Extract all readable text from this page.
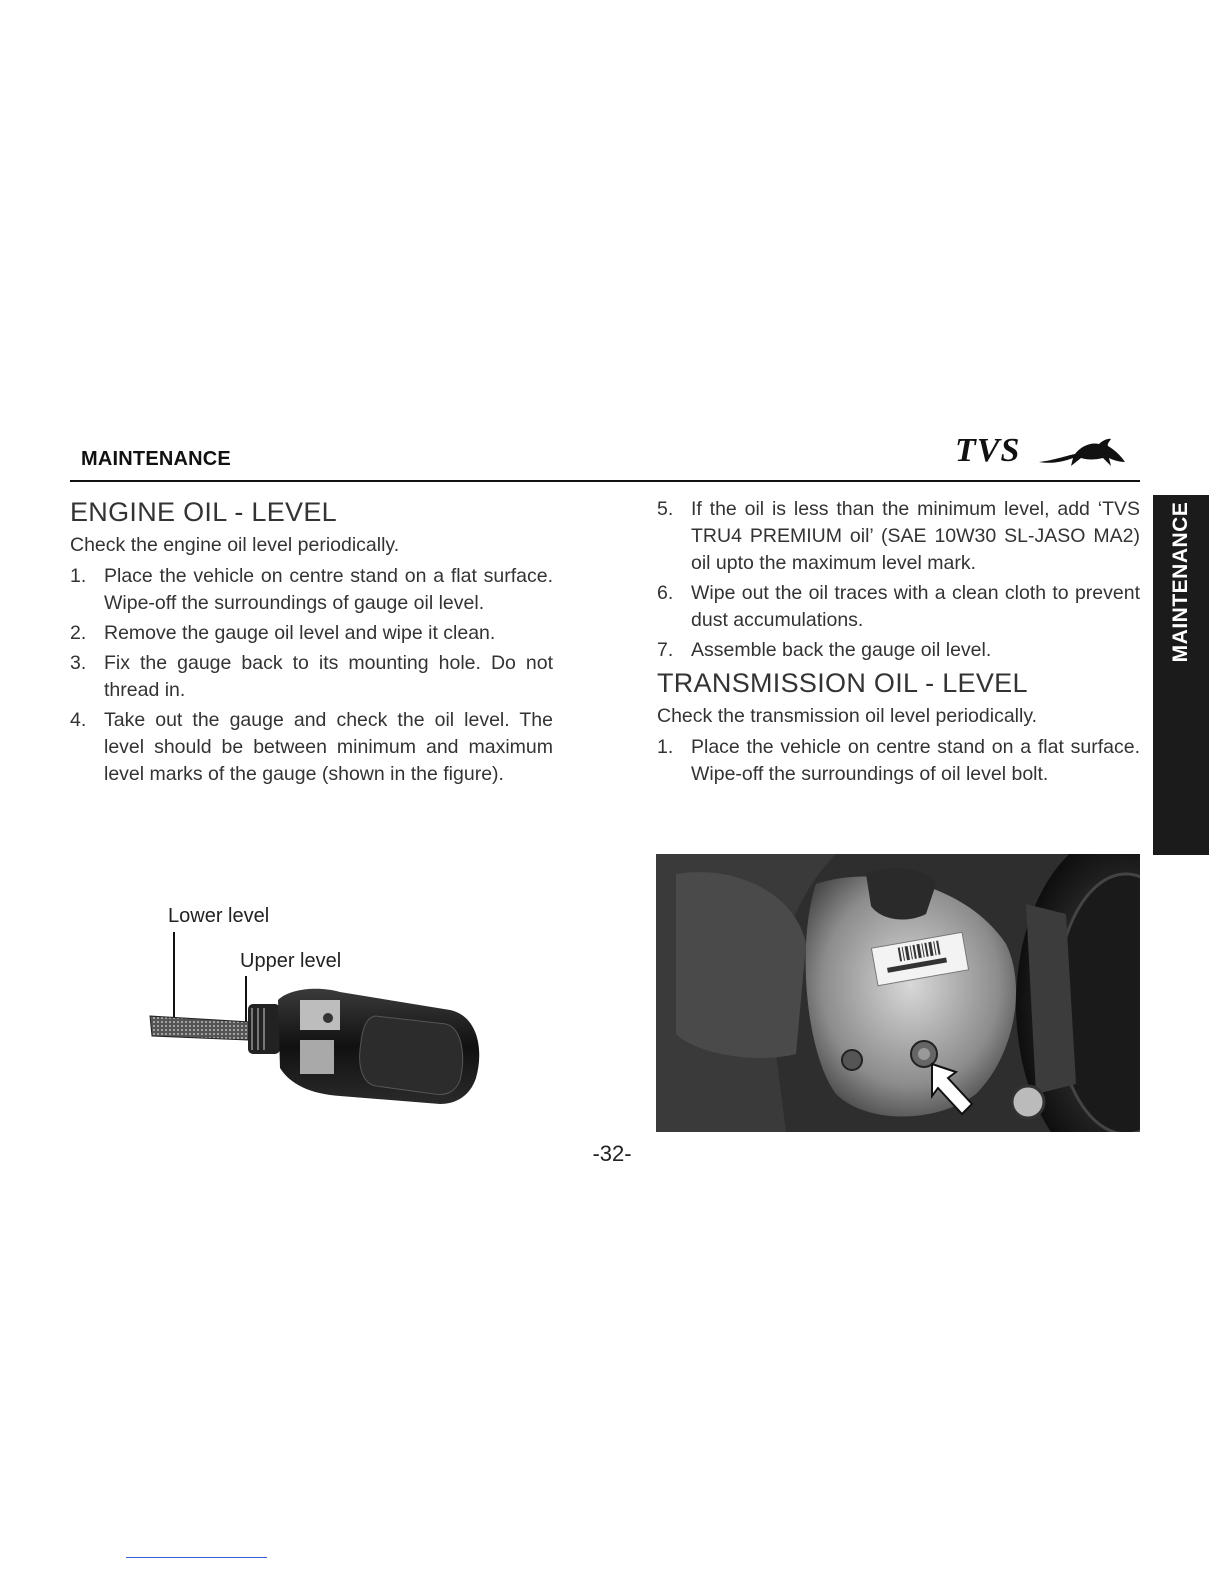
MAINTENANCE	TVS
MAINTENANCE
ENGINE OIL - LEVEL

Check the engine oil level periodically.

1. Place the vehicle on centre stand on a flat surface. Wipe-off the surroundings of gauge oil level.
2. Remove the gauge oil level and wipe it clean.
3. Fix the gauge back to its mounting hole. Do not thread in.
4. Take out the gauge and check the oil level. The level should be between minimum and maximum level marks of the gauge (shown in the figure).
5. If the oil is less than the minimum level, add ‘TVS TRU4 PREMIUM oil’ (SAE 10W30 SL-JASO MA2) oil upto the maximum level mark.
6. Wipe out the oil traces with a clean cloth to prevent dust accumulations.
7. Assemble back the gauge oil level.
TRANSMISSION OIL - LEVEL

Check the transmission oil level periodically.

1. Place the vehicle on centre stand on a flat surface. Wipe-off the surroundings of oil level bolt.
Lower level
Upper level
-32-
